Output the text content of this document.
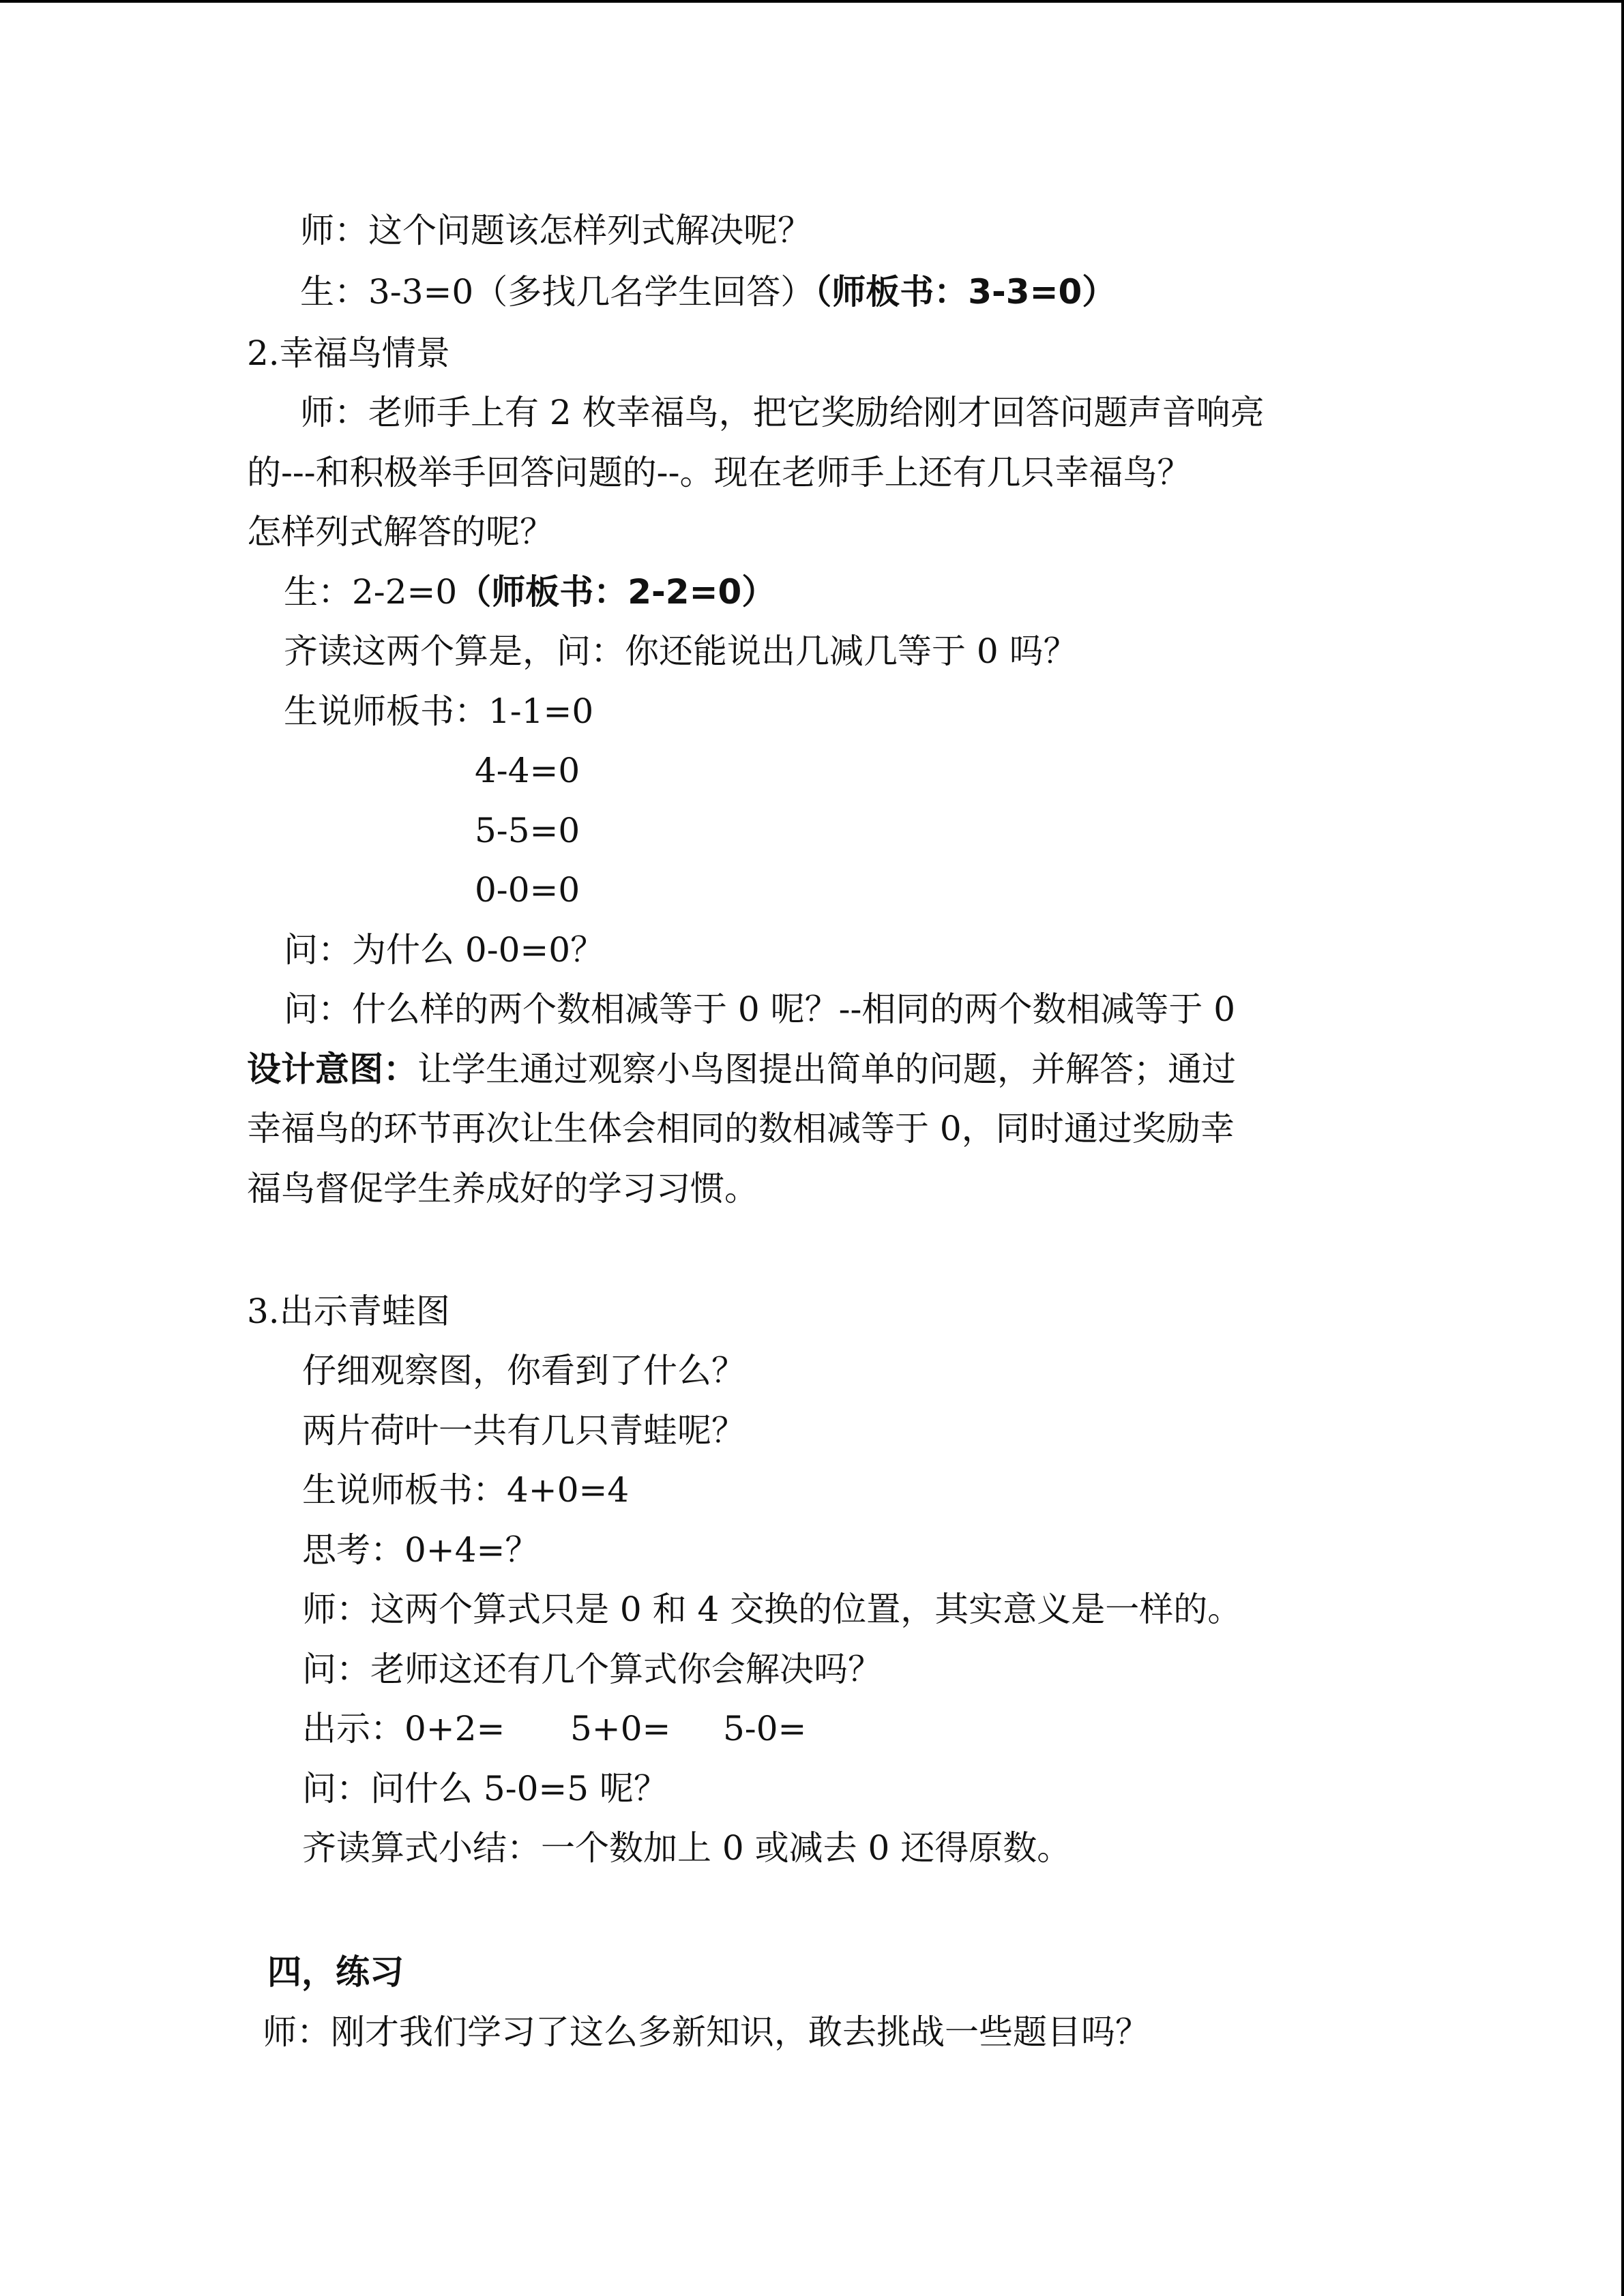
师：这个问题该怎样列式解决呢？
生：3-3=0（多找几名学生回答）（师板书：3-3=0）
2.幸福鸟情景
师：老师手上有 2 枚幸福鸟，把它奖励给刚才回答问题声音响亮
的---和积极举手回答问题的--。现在老师手上还有几只幸福鸟？
怎样列式解答的呢？
生：2-2=0（师板书：2-2=0）
齐读这两个算是，问：你还能说出几减几等于 0 吗？
生说师板书：1-1=0
4-4=0
5-5=0
0-0=0
问：为什么 0-0=0？
问：什么样的两个数相减等于 0 呢？--相同的两个数相减等于 0
设计意图：让学生通过观察小鸟图提出简单的问题，并解答；通过
幸福鸟的环节再次让生体会相同的数相减等于 0，同时通过奖励幸
福鸟督促学生养成好的学习习惯。
3.出示青蛙图
仔细观察图，你看到了什么？
两片荷叶一共有几只青蛙呢？
生说师板书：4+0=4
思考：0+4=？
师：这两个算式只是 0 和 4 交换的位置，其实意义是一样的。
问：老师这还有几个算式你会解决吗？
出示：0+2= 5+0= 5-0=
问：问什么 5-0=5 呢？
齐读算式小结：一个数加上 0 或减去 0 还得原数。
四，练习
师：刚才我们学习了这么多新知识，敢去挑战一些题目吗？
